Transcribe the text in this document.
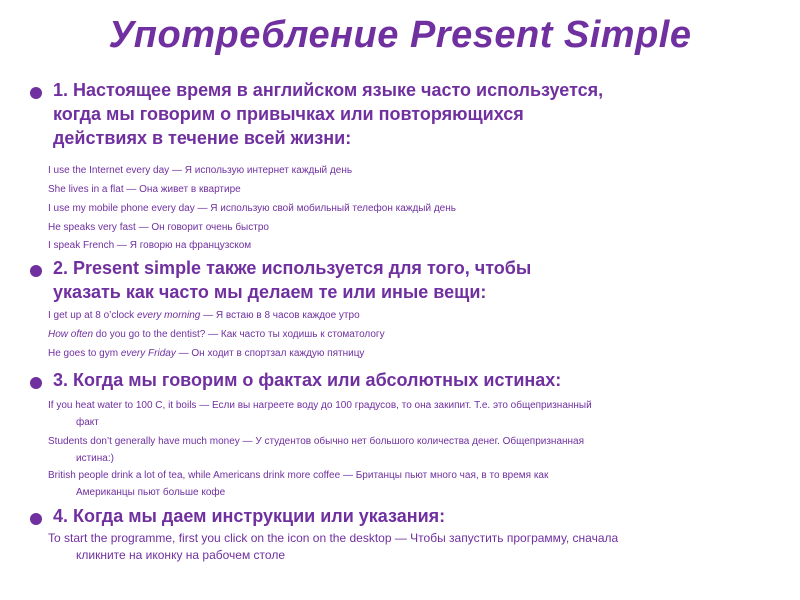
Употребление Present Simple
1. Настоящее время в английском языке часто используется,
когда мы говорим о привычках или повторяющихся
действиях в течение всей жизни:
I use the Internet every day — Я использую интернет каждый день
She lives in a flat — Она живет в квартире
I use my mobile phone every day — Я использую свой мобильный телефон каждый день
He speaks very fast — Он говорит очень быстро
I speak French — Я говорю на французском
2. Present simple также используется для того, чтобы
указать как часто мы делаем те или иные вещи:
I get up at 8 o’clock every morning — Я встаю в 8 часов каждое утро
How often do you go to the dentist? — Как часто ты ходишь к стоматологу
He goes to gym every Friday — Он ходит в спортзал каждую пятницу
3. Когда мы говорим о фактах или абсолютных истинах:
If you heat water to 100 C, it boils — Если вы нагреете воду до 100 градусов, то она закипит. Т.е. это общепризнанный
факт
Students don’t generally have much money — У студентов обычно нет большого количества денег. Общепризнанная
истина:)
British people drink a lot of tea, while Americans drink more coffee — Британцы пьют много чая, в то время как
Американцы пьют больше кофе
4. Когда мы даем инструкции или указания:
To start the programme, first you click on the icon on the desktop — Чтобы запустить программу, сначала
кликните на иконку на рабочем столе
